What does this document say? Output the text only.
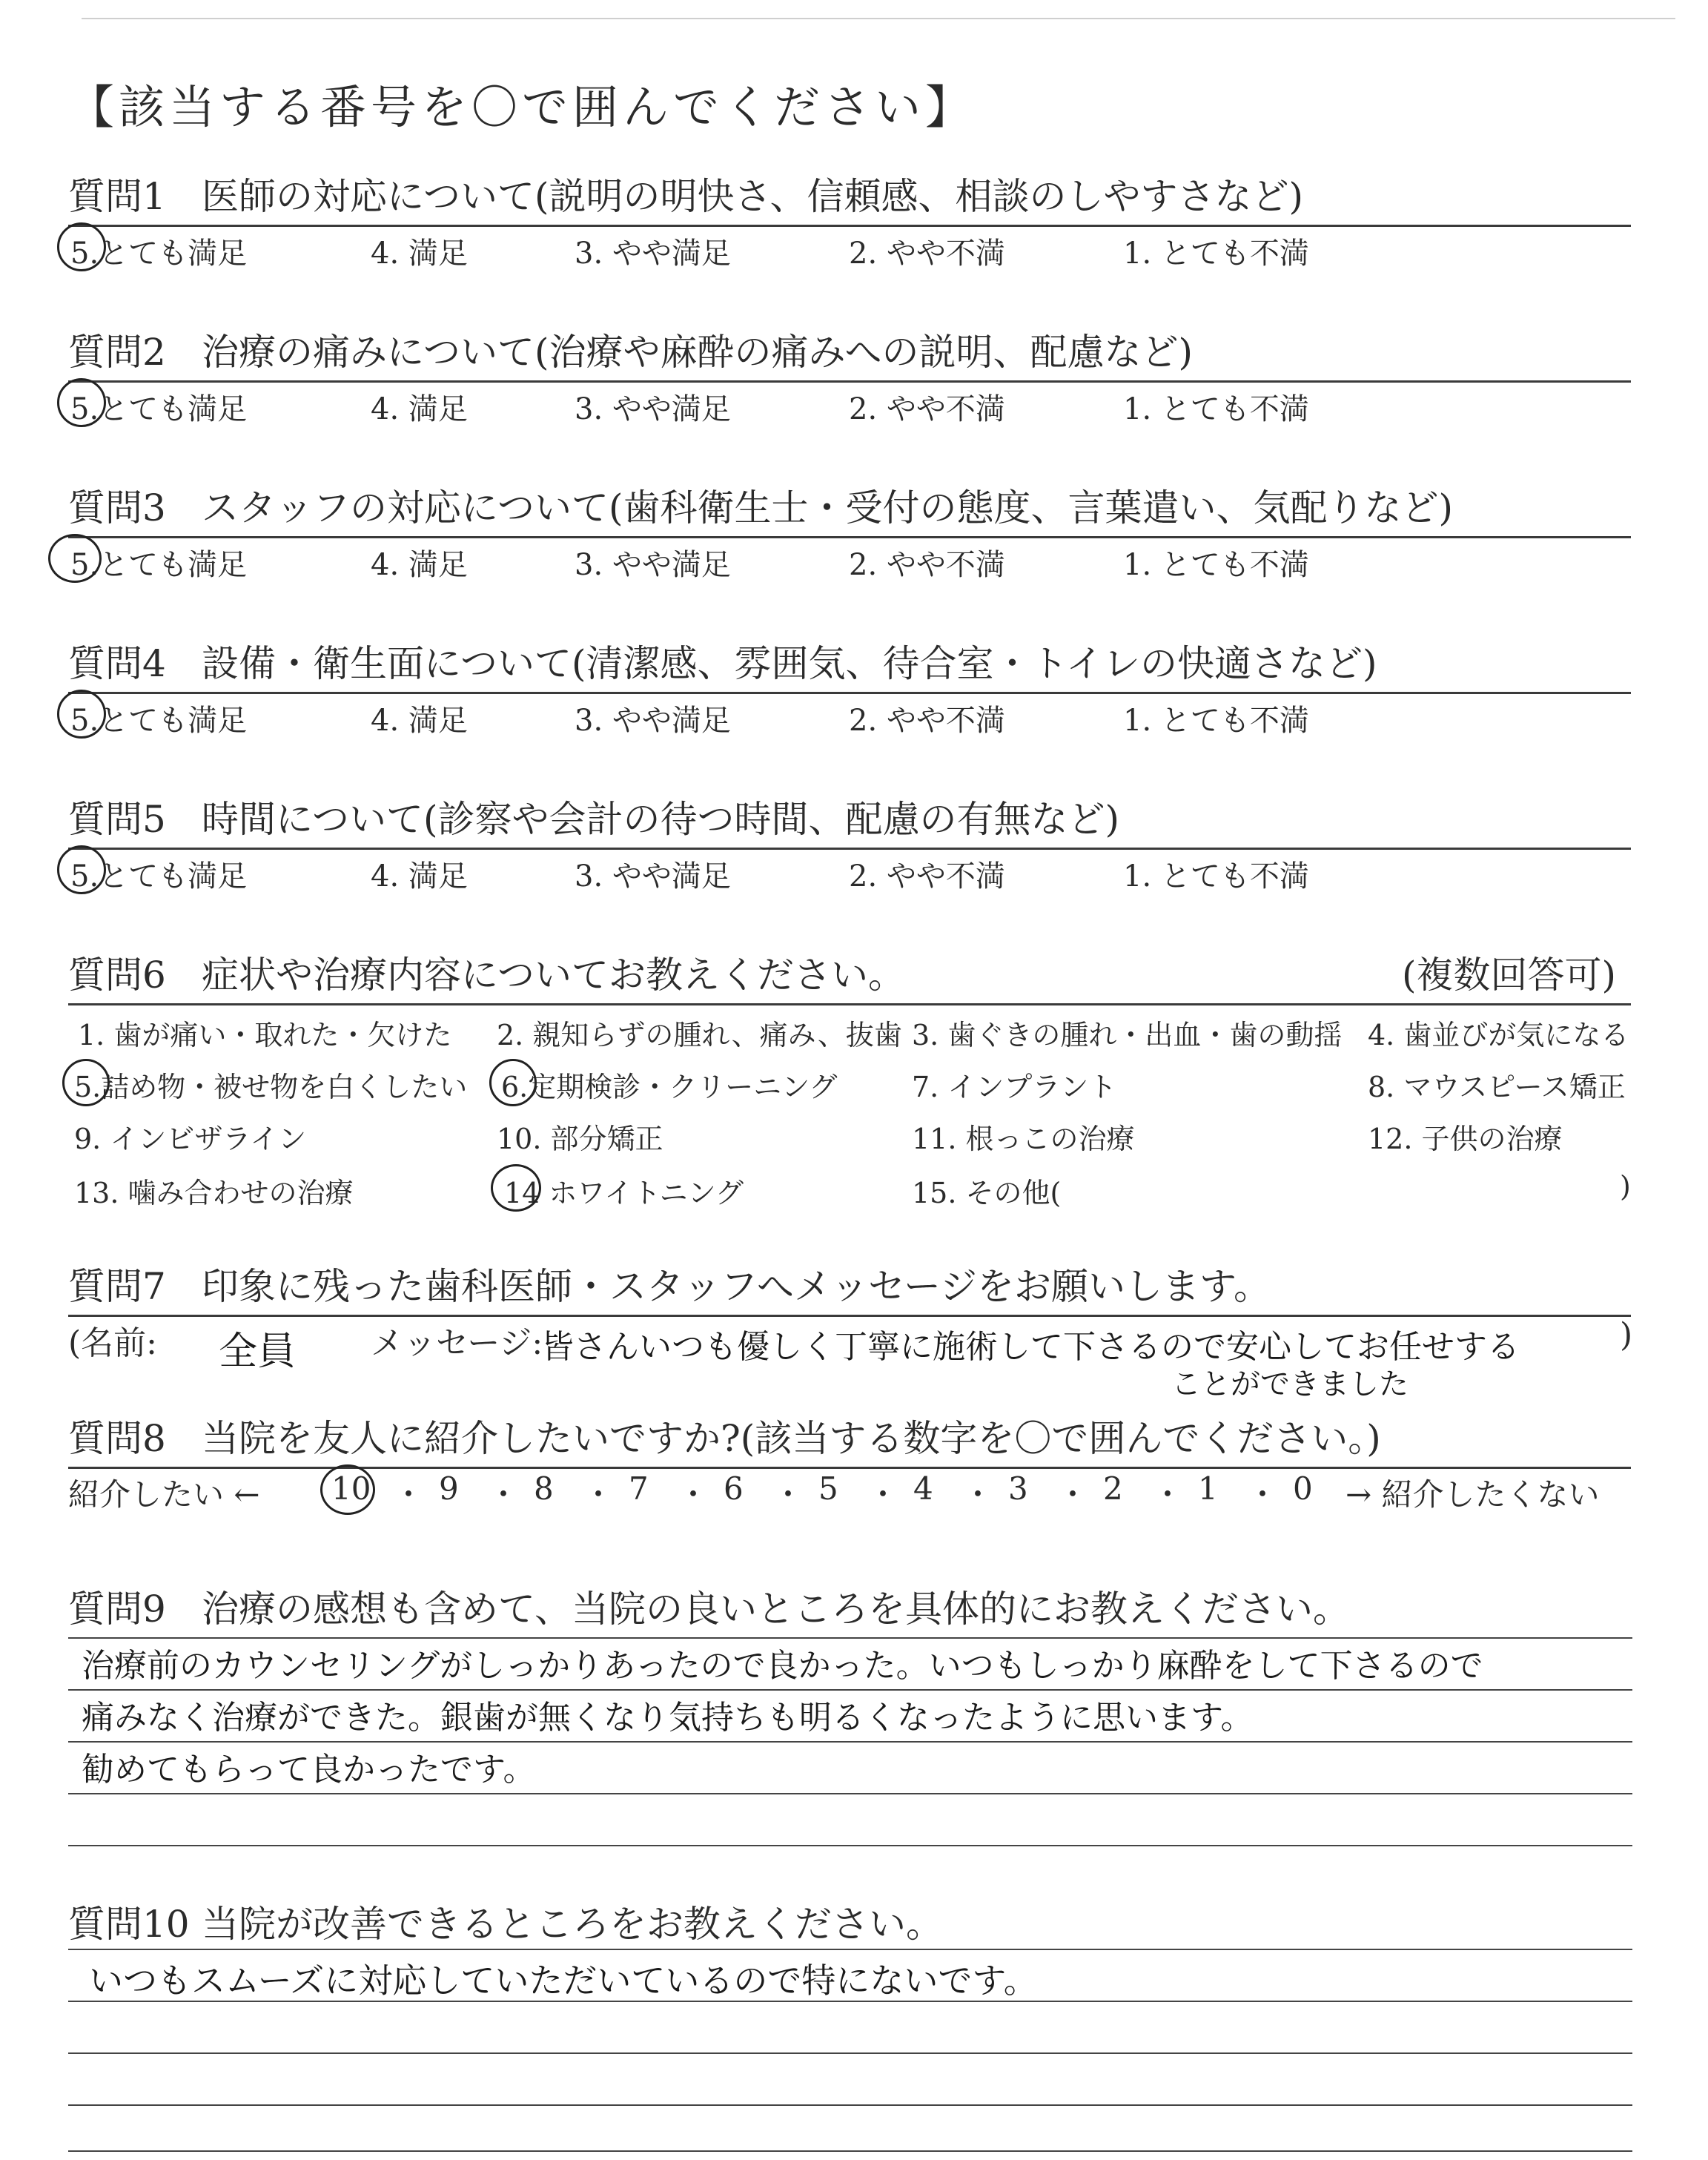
【該当する番号を〇で囲んでください】
質問1 医師の対応について(説明の明快さ、信頼感、相談のしやすさなど)
5.とても満足	4. 満足	3. やや満足	2. やや不満	1. とても不満
質問2 治療の痛みについて(治療や麻酔の痛みへの説明、配慮など)
5.とても満足	4. 満足	3. やや満足	2. やや不満	1. とても不満
質問3 スタッフの対応について(歯科衛生士・受付の態度、言葉遣い、気配りなど)
5.とても満足	4. 満足	3. やや満足	2. やや不満	1. とても不満
質問4 設備・衛生面について(清潔感、雰囲気、待合室・トイレの快適さなど)
5.とても満足	4. 満足	3. やや満足	2. やや不満	1. とても不満
質問5 時間について(診察や会計の待つ時間、配慮の有無など)
5.とても満足	4. 満足	3. やや満足	2. やや不満	1. とても不満
質問6 症状や治療内容についてお教えください。	(複数回答可)
1. 歯が痛い・取れた・欠けた 2. 親知らずの腫れ、痛み、抜歯 3. 歯ぐきの腫れ・出血・歯の動揺 4. 歯並びが気になる
5.詰め物・被せ物を白くしたい 6.定期検診・クリーニング	7. インプラント	8. マウスピース矯正
9. インビザライン	10. 部分矯正	11. 根っこの治療	12. 子供の治療
13. 噛み合わせの治療	14 ホワイトニング	15. その他(	)
質問7 印象に残った歯科医師・スタッフへメッセージをお願いします。
(名前: 全員 メッセージ:
皆さんいつも優しく丁寧に施術して下さるので安心してお任せする
ことができました
)
質問8 当院を友人に紹介したいですか?(該当する数字を〇で囲んでください。)
紹介したい ← 10 ・ 9 ・ 8 ・ 7 ・ 6 ・ 5 ・ 4 ・ 3 ・ 2 ・ 1 ・ 0 → 紹介したくない
質問9 治療の感想も含めて、当院の良いところを具体的にお教えください。
治療前のカウンセリングがしっかりあったので良かった。いつもしっかり麻酔をして下さるので
痛みなく治療ができた。銀歯が無くなり気持ちも明るくなったように思います。
勧めてもらって良かったです。
質問10 当院が改善できるところをお教えください。
いつもスムーズに対応していただいているので特にないです。
